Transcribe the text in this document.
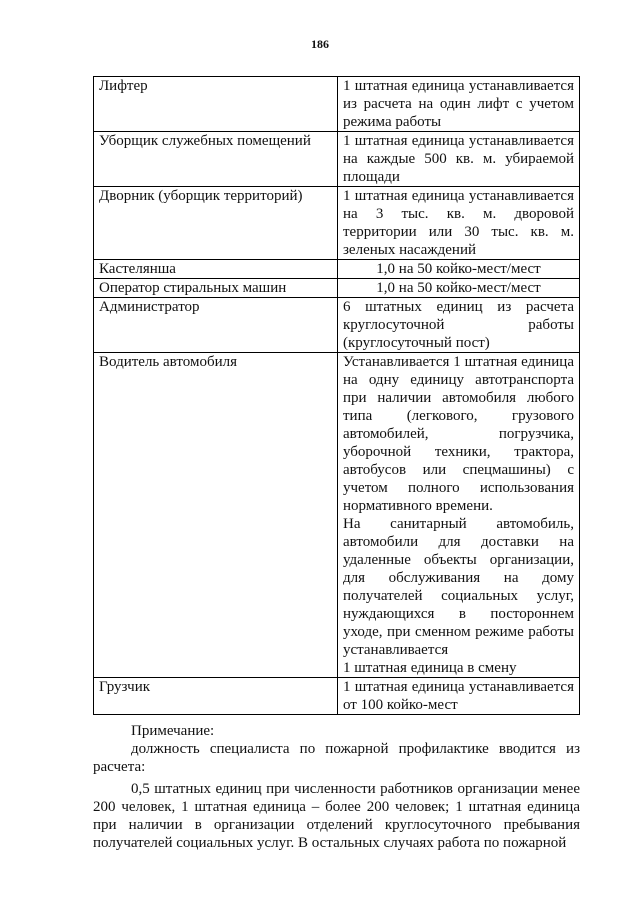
186
Лифтер	1 штатная единица устанавливается из расчета на один лифт с учетом режима работы

Уборщик служебных помещений	1 штатная единица устанавливается на каждые 500 кв. м. убираемой площади

Дворник (уборщик территорий)	1 штатная единица устанавливается на 3 тыс. кв. м. дворовой территории или 30 тыс. кв. м. зеленых насаждений

Кастелянша	1,0 на 50 койко-мест/мест

Оператор стиральных машин	1,0 на 50 койко-мест/мест

Администратор	6 штатных единиц из расчета круглосуточной работы (круглосуточный пост)

Водитель автомобиля	Устанавливается 1 штатная единица на одну единицу автотранспорта при наличии автомобиля любого типа (легкового, грузового автомобилей, погрузчика, уборочной техники, трактора, автобусов или спецмашины) с учетом полного использования нормативного времени.
На санитарный автомобиль, автомобили для доставки на удаленные объекты организации, для обслуживания на дому получателей социальных услуг, нуждающихся в постороннем уходе, при сменном режиме работы устанавливается
1 штатная единица в смену

Грузчик	1 штатная единица устанавливается от 100 койко-мест
Примечание:

должность специалиста по пожарной профилактике вводится из расчета:

0,5 штатных единиц при численности работников организации менее 200 человек, 1 штатная единица – более 200 человек; 1 штатная единица при наличии в организации отделений круглосуточного пребывания получателей социальных услуг. В остальных случаях работа по пожарной
